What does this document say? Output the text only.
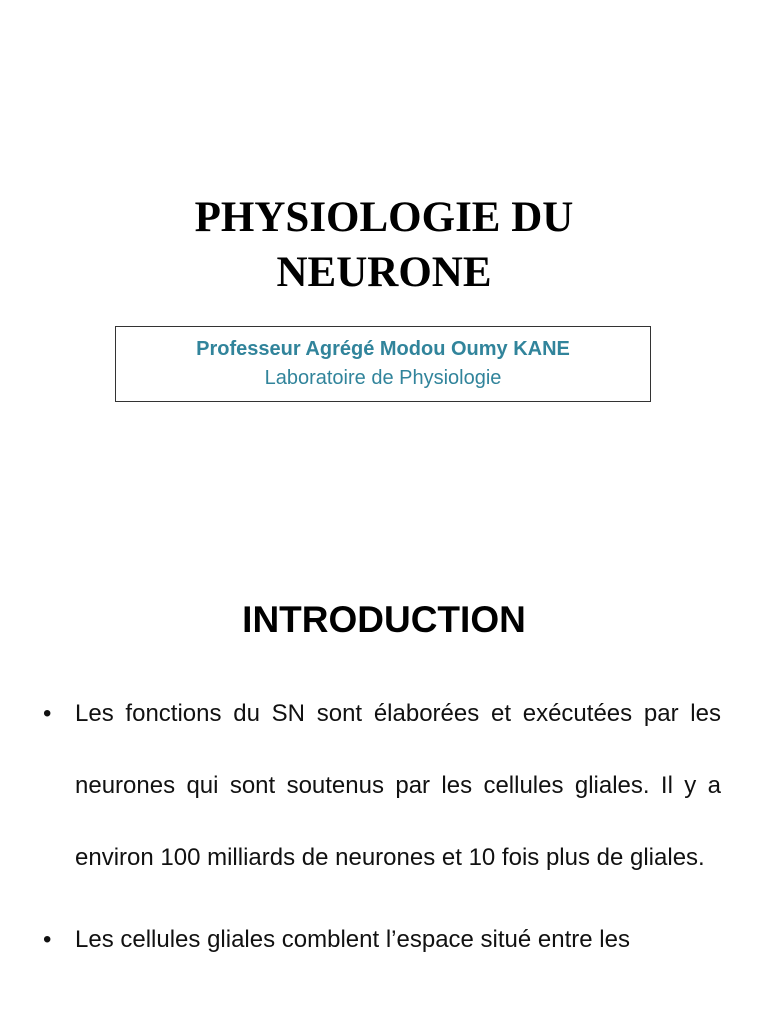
PHYSIOLOGIE DU
NEURONE
Professeur Agrégé Modou Oumy KANE
Laboratoire de Physiologie
INTRODUCTION
• Les fonctions du SN sont élaborées et exécutées par les neurones qui sont soutenus par les cellules gliales. Il y a environ 100 milliards de neurones et 10 fois plus de gliales.
• Les cellules gliales comblent l’espace situé entre les
